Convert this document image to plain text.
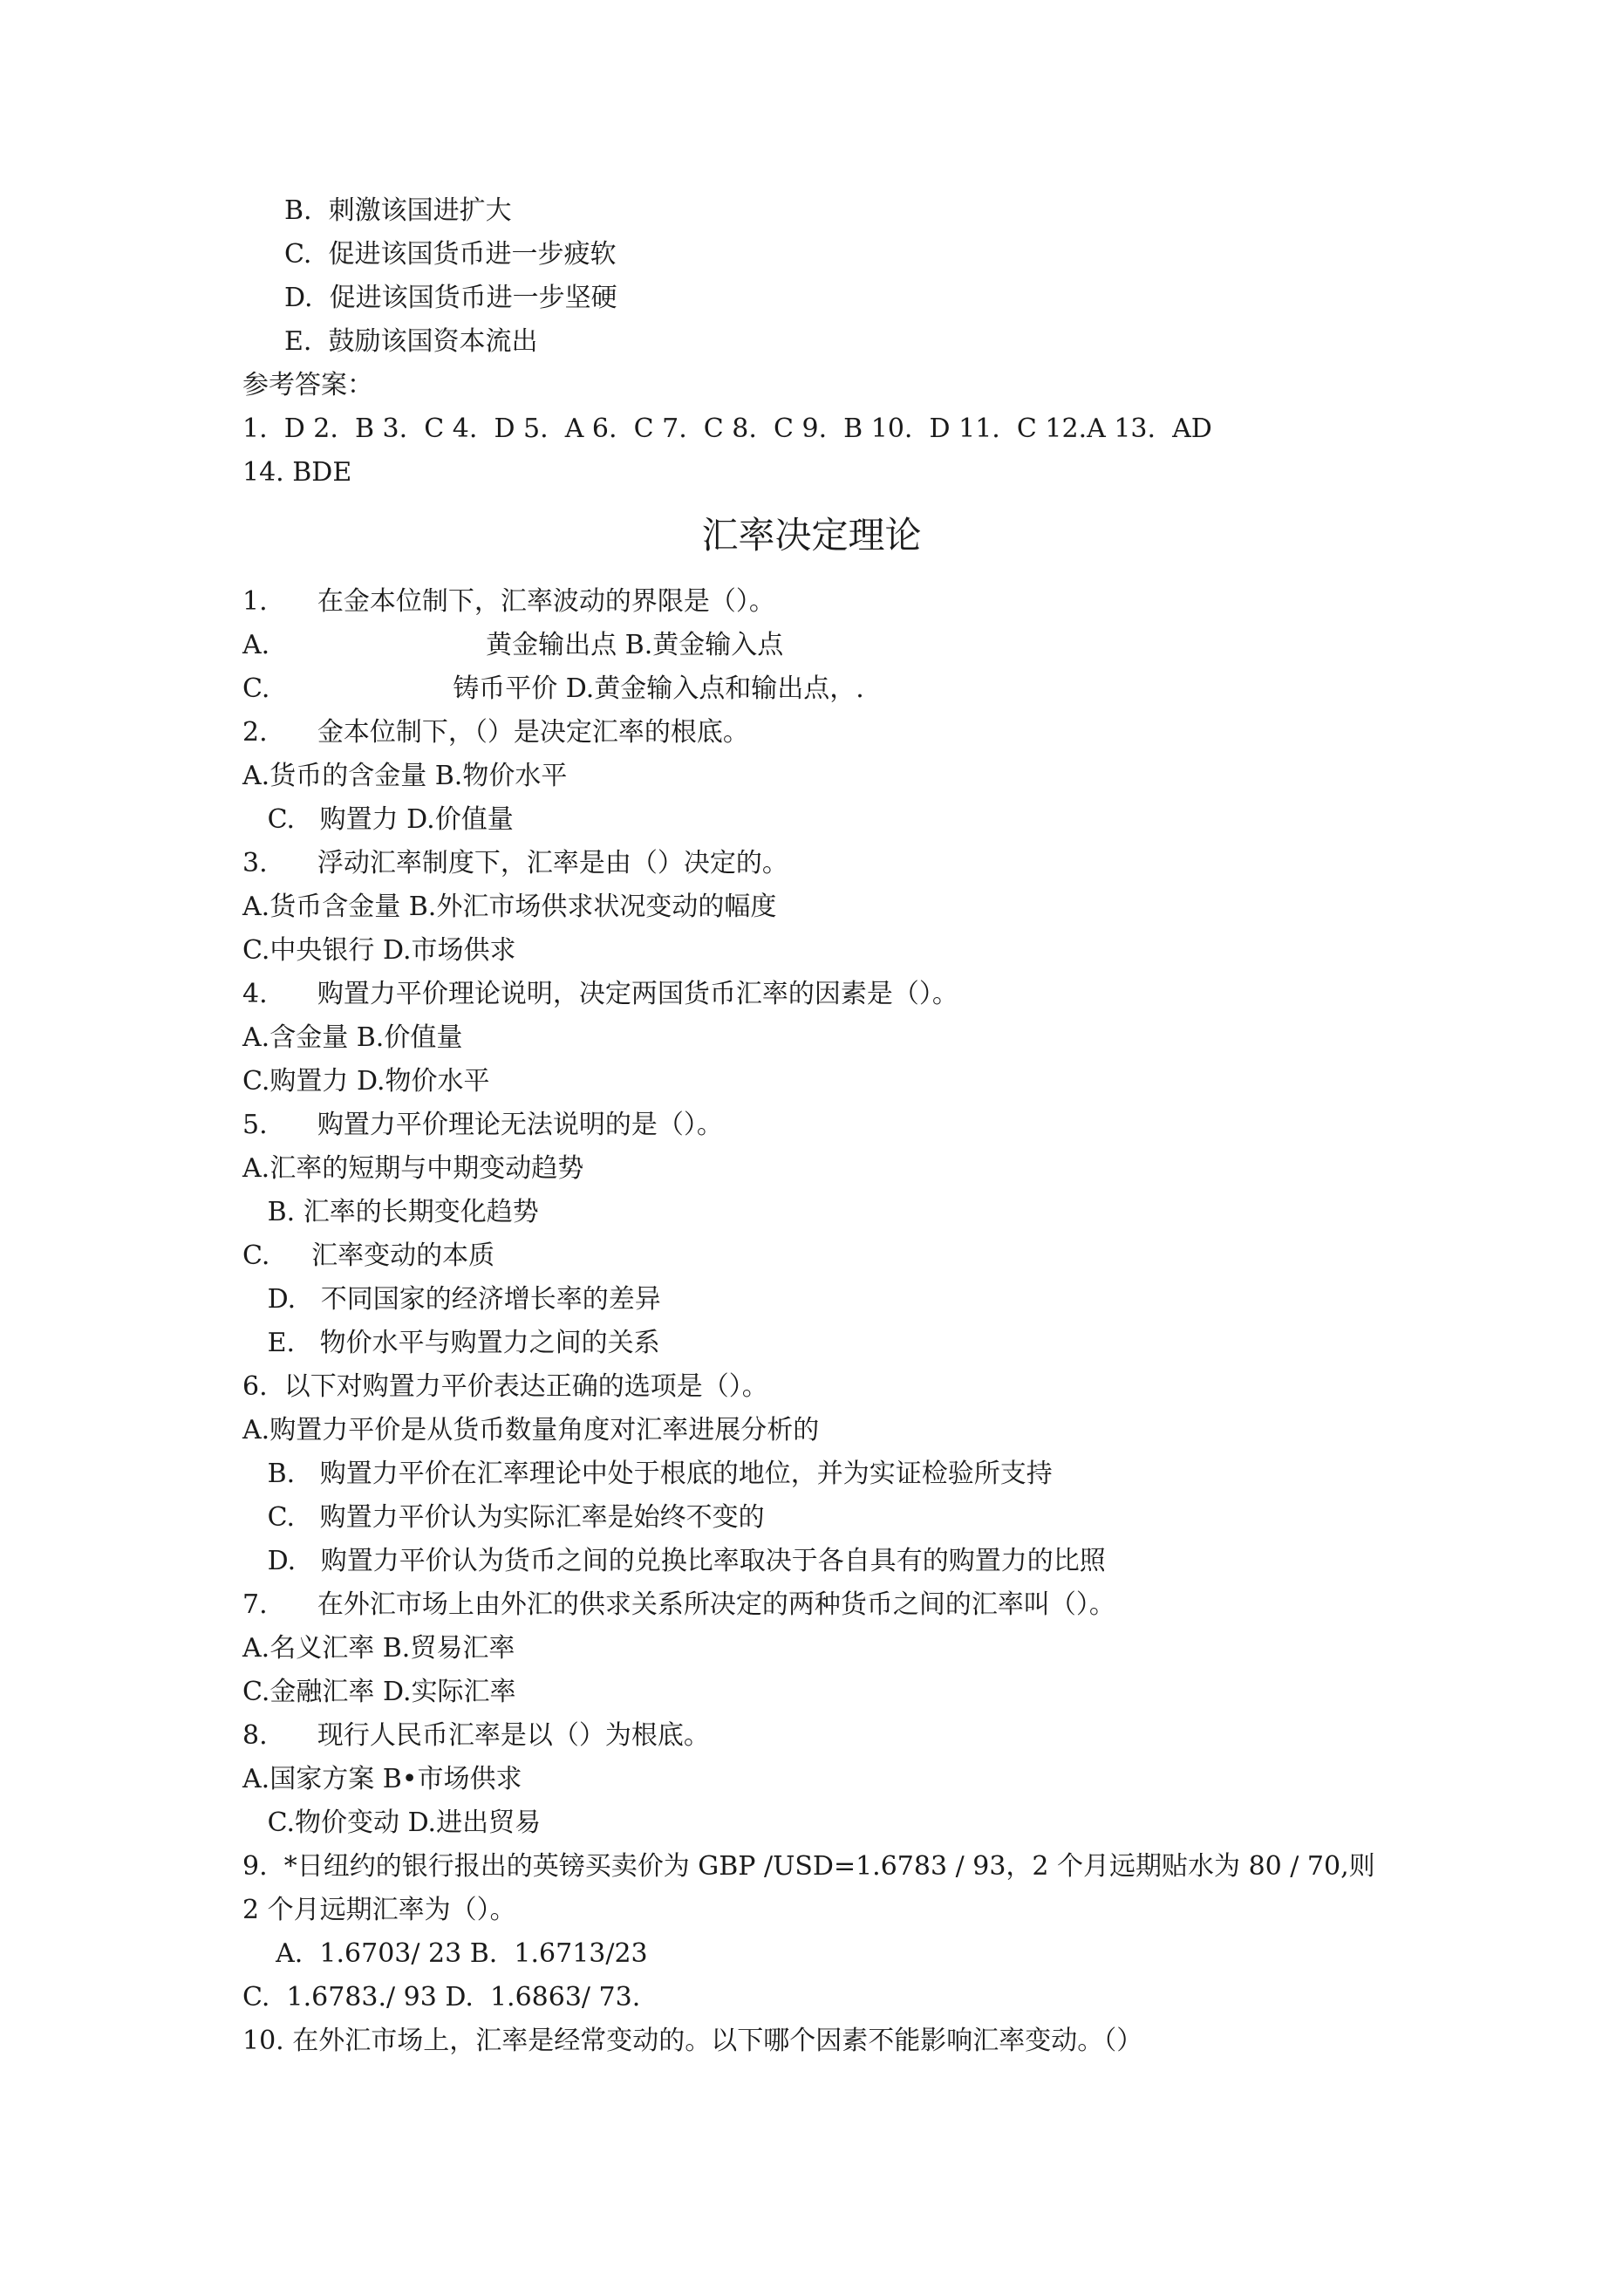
B.  刺激该国进扩大
C.  促进该国货币进一步疲软
D.  促进该国货币进一步坚硬
E.  鼓励该国资本流出
参考答案：
1.  D 2.  B 3.  C 4.  D 5.  A 6.  C 7.  C 8.  C 9.  B 10.  D 11.  C 12.A 13.  AD
14. BDE
汇率决定理论
1.      在金本位制下，汇率波动的界限是（）。
A.                          黄金输出点 B.黄金输入点
C.                      铸币平价 D.黄金输入点和输出点，.
2.      金本位制下，（）是决定汇率的根底。
A.货币的含金量 B.物价水平
C.   购置力 D.价值量
3.      浮动汇率制度下，汇率是由（）决定的。
A.货币含金量 B.外汇市场供求状况变动的幅度
C.中央银行 D.市场供求
4.      购置力平价理论说明，决定两国货币汇率的因素是（）。
A.含金量 B.价值量
C.购置力 D.物价水平
5.      购置力平价理论无法说明的是（）。
A.汇率的短期与中期变动趋势
B. 汇率的长期变化趋势
C.     汇率变动的本质
D.   不同国家的经济增长率的差异
E.   物价水平与购置力之间的关系
6.  以下对购置力平价表达正确的选项是（）。
A.购置力平价是从货币数量角度对汇率进展分析的
B.   购置力平价在汇率理论中处于根底的地位，并为实证检验所支持
C.   购置力平价认为实际汇率是始终不变的
D.   购置力平价认为货币之间的兑换比率取决于各自具有的购置力的比照
7.      在外汇市场上由外汇的供求关系所决定的两种货币之间的汇率叫（）。
A.名义汇率 B.贸易汇率
C.金融汇率 D.实际汇率
8.      现行人民币汇率是以（）为根底。
A.国家方案 B•市场供求
C.物价变动 D.进出贸易
9.  *日纽约的银行报出的英镑买卖价为 GBP /USD=1.6783 / 93，2 个月远期贴水为 80 / 70,则
2 个月远期汇率为（）。
A.  1.6703/ 23 B.  1.6713/23
C.  1.6783./ 93 D.  1.6863/ 73.
10. 在外汇市场上，汇率是经常变动的。以下哪个因素不能影响汇率变动。（）
